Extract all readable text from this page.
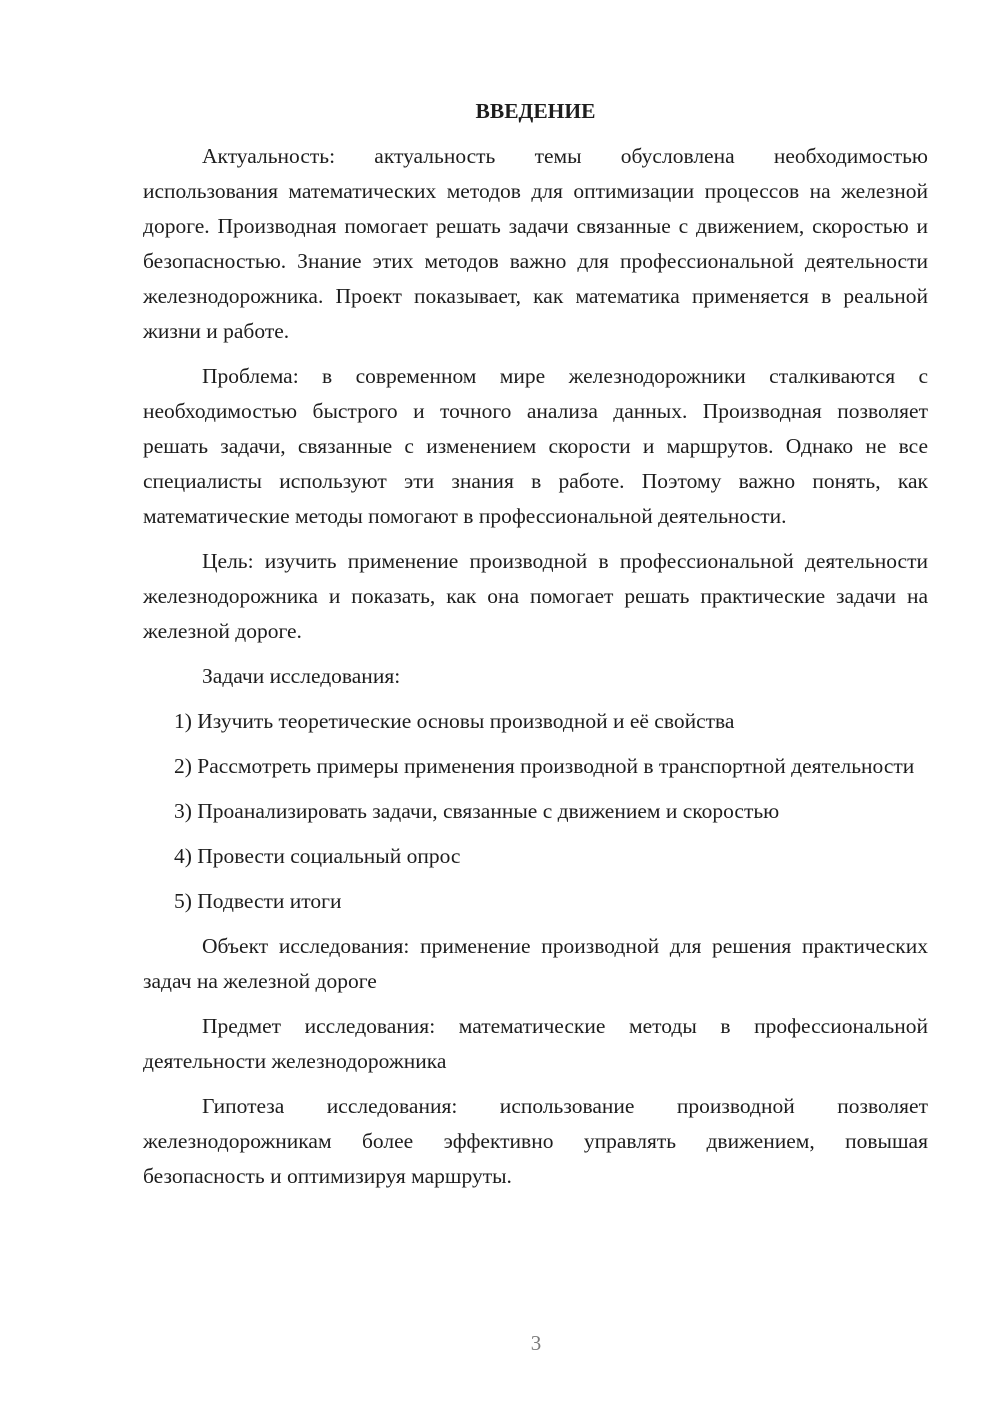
ВВЕДЕНИЕ

Актуальность: актуальность темы обусловлена необходимостью использования математических методов для оптимизации процессов на железной дороге. Производная помогает решать задачи связанные с движением, скоростью и безопасностью. Знание этих методов важно для профессиональной деятельности железнодорожника. Проект показывает, как математика применяется в реальной жизни и работе.

Проблема: в современном мире железнодорожники сталкиваются с необходимостью быстрого и точного анализа данных. Производная позволяет решать задачи, связанные с изменением скорости и маршрутов. Однако не все специалисты используют эти знания в работе. Поэтому важно понять, как математические методы помогают в профессиональной деятельности.

Цель: изучить применение производной в профессиональной деятельности железнодорожника и показать, как она помогает решать практические задачи на железной дороге.

Задачи исследования:

1) Изучить теоретические основы производной и её свойства

2) Рассмотреть примеры применения производной в транспортной деятельности

3) Проанализировать задачи, связанные с движением и скоростью

4) Провести социальный опрос

5) Подвести итоги

Объект исследования: применение производной для решения практических задач на железной дороге

Предмет исследования: математические методы в профессиональной деятельности железнодорожника

Гипотеза исследования: использование производной позволяет железнодорожникам более эффективно управлять движением, повышая безопасность и оптимизируя маршруты.

3
